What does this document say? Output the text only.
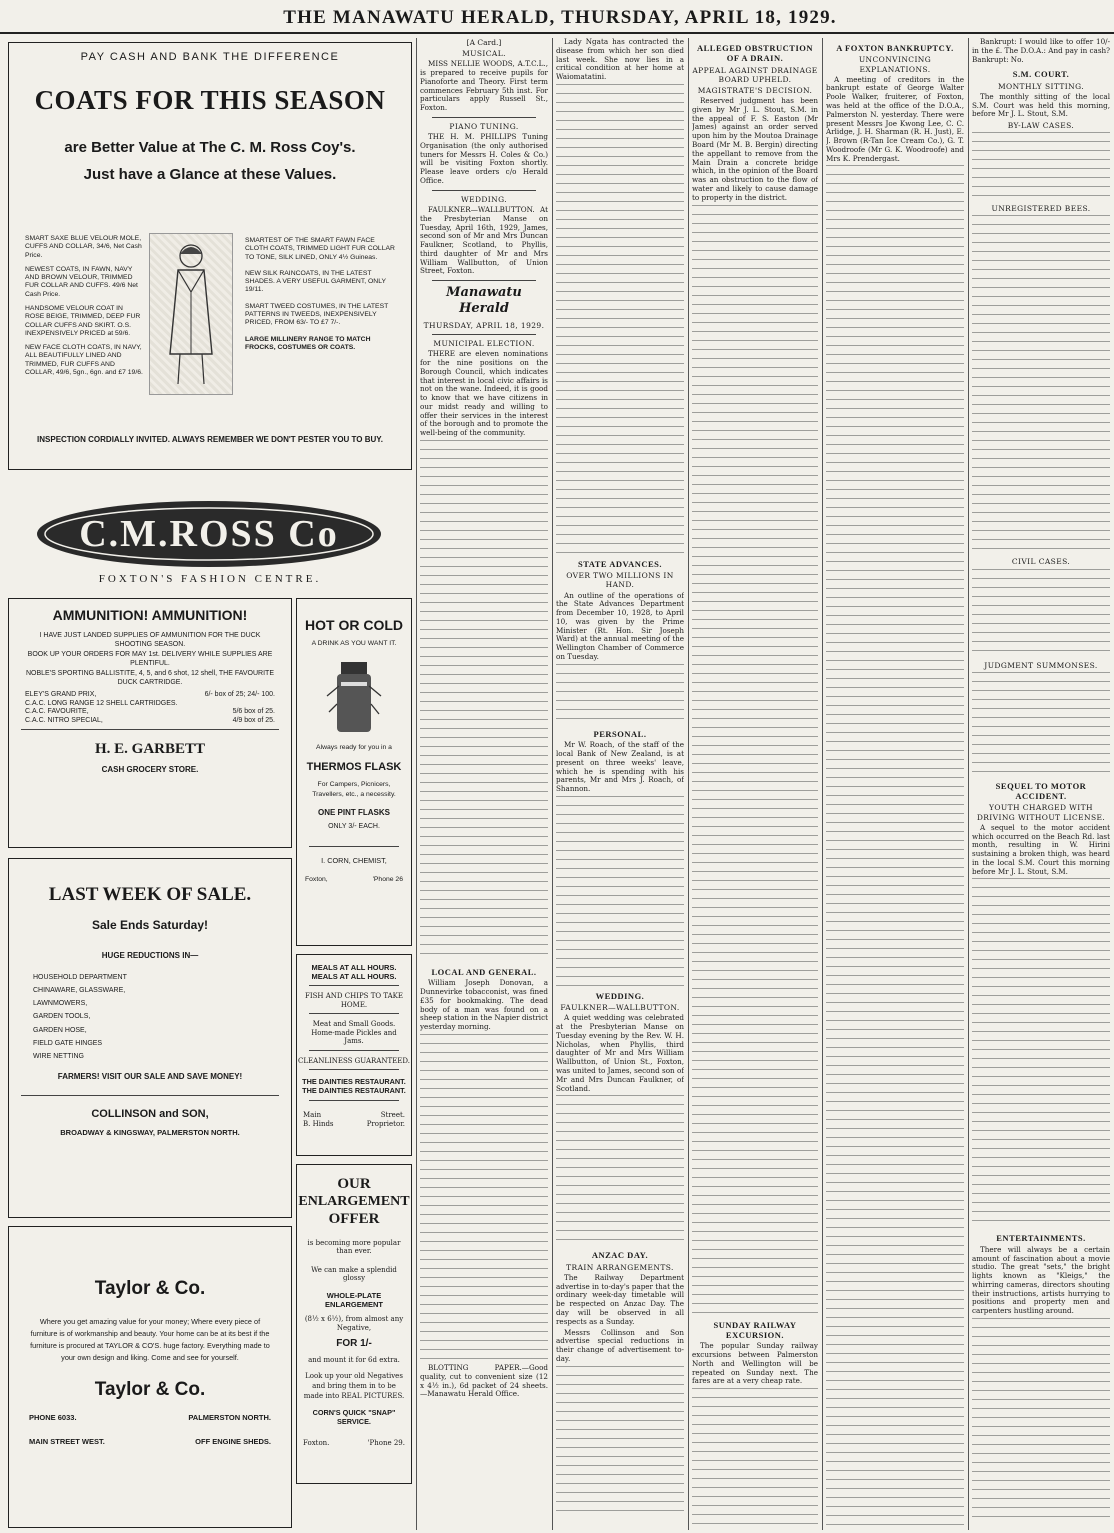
THE MANAWATU HERALD, THURSDAY, APRIL 18, 1929.
PAY CASH AND BANK THE DIFFERENCE
COATS FOR THIS SEASON
are Better Value at The C. M. Ross Coy's.
Just have a Glance at these Values.
SMART SAXE BLUE VELOUR MOLE, CUFFS AND COLLAR, 34/6, Net Cash Price.
NEWEST COATS, IN FAWN, NAVY AND BROWN VELOUR, TRIMMED FUR COLLAR AND CUFFS. 49/6 Net Cash Price.
HANDSOME VELOUR COAT IN ROSE BEIGE, TRIMMED, DEEP FUR COLLAR CUFFS AND SKIRT. O.S. INEXPENSIVELY PRICED at 59/6.
NEW FACE CLOTH COATS, IN NAVY, ALL BEAUTIFULLY LINED AND TRIMMED, FUR CUFFS AND COLLAR, 49/6, 5gn., 6gn. and £7 19/6.
SMARTEST OF THE SMART FAWN FACE CLOTH COATS, TRIMMED LIGHT FUR COLLAR TO TONE, SILK LINED, ONLY 4½ Guineas.
NEW SILK RAINCOATS, IN THE LATEST SHADES. A VERY USEFUL GARMENT, ONLY 19/11.
SMART TWEED COSTUMES, IN THE LATEST PATTERNS IN TWEEDS, INEXPENSIVELY PRICED, FROM 63/- TO £7 7/-.
LARGE MILLINERY RANGE TO MATCH FROCKS, COSTUMES OR COATS.
INSPECTION CORDIALLY INVITED. ALWAYS REMEMBER WE DON'T PESTER YOU TO BUY.
C.M.ROSS Co
FOXTON'S FASHION CENTRE.
AMMUNITION! AMMUNITION!
I HAVE JUST LANDED SUPPLIES OF AMMUNITION FOR THE DUCK SHOOTING SEASON.
BOOK UP YOUR ORDERS FOR MAY 1st. DELIVERY WHILE SUPPLIES ARE PLENTIFUL.
NOBLE'S SPORTING BALLISTITE, 4, 5, and 6 shot, 12 shell, THE FAVOURITE DUCK CARTRIDGE.
ELEY'S GRAND PRIX,	6/- box of 25; 24/- 100.
C.A.C. LONG RANGE 12 SHELL CARTRIDGES.
C.A.C. FAVOURITE,	5/6 box of 25.
C.A.C. NITRO SPECIAL,	4/9 box of 25.
H. E. GARBETT
CASH GROCERY STORE.
LAST WEEK OF SALE.
Sale Ends Saturday!
HUGE REDUCTIONS IN—
HOUSEHOLD DEPARTMENT
CHINAWARE, GLASSWARE,
LAWNMOWERS,
GARDEN TOOLS,
GARDEN HOSE,
FIELD GATE HINGES
WIRE NETTING
FARMERS! VISIT OUR SALE AND SAVE MONEY!
COLLINSON and SON,
BROADWAY & KINGSWAY, PALMERSTON NORTH.
Taylor & Co.
Where you get amazing value for your money; Where every piece of furniture is of workmanship and beauty. Your home can be at its best if the furniture is procured at TAYLOR & CO'S. huge factory. Everything made to your own design and liking. Come and see for yourself.
Taylor & Co.
PHONE 6033.	PALMERSTON NORTH.
MAIN STREET WEST.	OFF ENGINE SHEDS.
HOT OR COLD
A DRINK AS YOU WANT IT.
Always ready for you in a
THERMOS FLASK
For Campers, Picnicers, Travellers, etc., a necessity.
ONE PINT FLASKS
ONLY 3/- EACH.
I. CORN, CHEMIST,
Foxton,	'Phone 26
MEALS AT ALL HOURS.
MEALS AT ALL HOURS.
FISH AND CHIPS TO TAKE HOME.
Meat and Small Goods. Home-made Pickles and Jams.
CLEANLINESS GUARANTEED.
THE DAINTIES RESTAURANT.
THE DAINTIES RESTAURANT.
Main	Street.
B. Hinds	Proprietor.
OUR
ENLARGEMENT
OFFER
is becoming more popular than ever.
We can make a splendid glossy
WHOLE-PLATE ENLARGEMENT
(8½ x 6½), from almost any Negative,
FOR 1/-
and mount it for 6d extra.
Look up your old Negatives and bring them in to be made into REAL PICTURES.
CORN'S QUICK "SNAP" SERVICE.
Foxton.	'Phone 29.
[A Card.]
MUSICAL.

MISS NELLIE WOODS, A.T.C.L., is prepared to receive pupils for Pianoforte and Theory. First term commences February 5th inst. For particulars apply Russell St., Foxton.

PIANO TUNING.

THE H. M. PHILLIPS Tuning Organisation (the only authorised tuners for Messrs H. Coles & Co.) will be visiting Foxton shortly. Please leave orders c/o Herald Office.

WEDDING.

FAULKNER—WALLBUTTON. At the Presbyterian Manse on Tuesday, April 16th, 1929, James, second son of Mr and Mrs Duncan Faulkner, Scotland, to Phyllis, third daughter of Mr and Mrs William Wallbutton, of Union Street, Foxton.

Manawatu Herald
THURSDAY, APRIL 18, 1929.
MUNICIPAL ELECTION.

THERE are eleven nominations for the nine positions on the Borough Council, which indicates that interest in local civic affairs is not on the wane. Indeed, it is good to know that we have citizens in our midst ready and willing to offer their services in the interest of the borough and to promote the well-being of the community.

LOCAL AND GENERAL.

William Joseph Donovan, a Dunnevirke tobacconist, was fined £35 for bookmaking. The dead body of a man was found on a sheep station in the Napier district yesterday morning.

BLOTTING PAPER.—Good quality, cut to convenient size (12 x 4½ in.), 6d packet of 24 sheets.—Manawatu Herald Office.

Lady Ngata has contracted the disease from which her son died last week. She now lies in a critical condition at her home at Waiomatatini.

STATE ADVANCES.
OVER TWO MILLIONS IN HAND.

An outline of the operations of the State Advances Department from December 10, 1928, to April 10, was given by the Prime Minister (Rt. Hon. Sir Joseph Ward) at the annual meeting of the Wellington Chamber of Commerce on Tuesday.

PERSONAL.

Mr W. Roach, of the staff of the local Bank of New Zealand, is at present on three weeks' leave, which he is spending with his parents, Mr and Mrs J. Roach, of Shannon.

WEDDING.
FAULKNER—WALLBUTTON.

A quiet wedding was celebrated at the Presbyterian Manse on Tuesday evening by the Rev. W. H. Nicholas, when Phyllis, third daughter of Mr and Mrs William Wallbutton, of Union St., Foxton, was united to James, second son of Mr and Mrs Duncan Faulkner, of Scotland.

ANZAC DAY.
TRAIN ARRANGEMENTS.

The Railway Department advertise in to-day's paper that the ordinary week-day timetable will be respected on Anzac Day. The day will be observed in all respects as a Sunday.

Messrs Collinson and Son advertise special reductions in their change of advertisement to-day.

ALLEGED OBSTRUCTION OF A DRAIN.
APPEAL AGAINST DRAINAGE BOARD UPHELD.
MAGISTRATE'S DECISION.

Reserved judgment has been given by Mr J. L. Stout, S.M. in the appeal of F. S. Easton (Mr James) against an order served upon him by the Moutoa Drainage Board (Mr M. B. Bergin) directing the appellant to remove from the Main Drain a concrete bridge which, in the opinion of the Board was an obstruction to the flow of water and likely to cause damage to property in the district.

SUNDAY RAILWAY EXCURSION.

The popular Sunday railway excursions between Palmerston North and Wellington will be repeated on Sunday next. The fares are at a very cheap rate.

A FOXTON BANKRUPTCY.
UNCONVINCING EXPLANATIONS.

A meeting of creditors in the bankrupt estate of George Walter Poole Walker, fruiterer, of Foxton, was held at the office of the D.O.A., Palmerston N. yesterday. There were present Messrs Joe Kwong Lee, C. C. Arlidge, J. H. Sharman (R. H. Just), E. J. Brown (R-Tan Ice Cream Co.), G. T. Woodroofe (Mr G. K. Woodroofe) and Mrs K. Prendergast.

Bankrupt: I would like to offer 10/- in the £. The D.O.A.: And pay in cash? Bankrupt: No.

S.M. COURT.
MONTHLY SITTING.

The monthly sitting of the local S.M. Court was held this morning, before Mr J. L. Stout, S.M.

BY-LAW CASES.
UNREGISTERED BEES.
CIVIL CASES.
JUDGMENT SUMMONSES.
SEQUEL TO MOTOR ACCIDENT.
YOUTH CHARGED WITH DRIVING WITHOUT LICENSE.

A sequel to the motor accident which occurred on the Beach Rd. last month, resulting in W. Hirini sustaining a broken thigh, was heard in the local S.M. Court this morning before Mr J. L. Stout, S.M.

ENTERTAINMENTS.

There will always be a certain amount of fascination about a movie studio. The great "sets," the bright lights known as "Kleigs," the whirring cameras, directors shouting their instructions, artists hurrying to positions and property men and carpenters hustling around.
